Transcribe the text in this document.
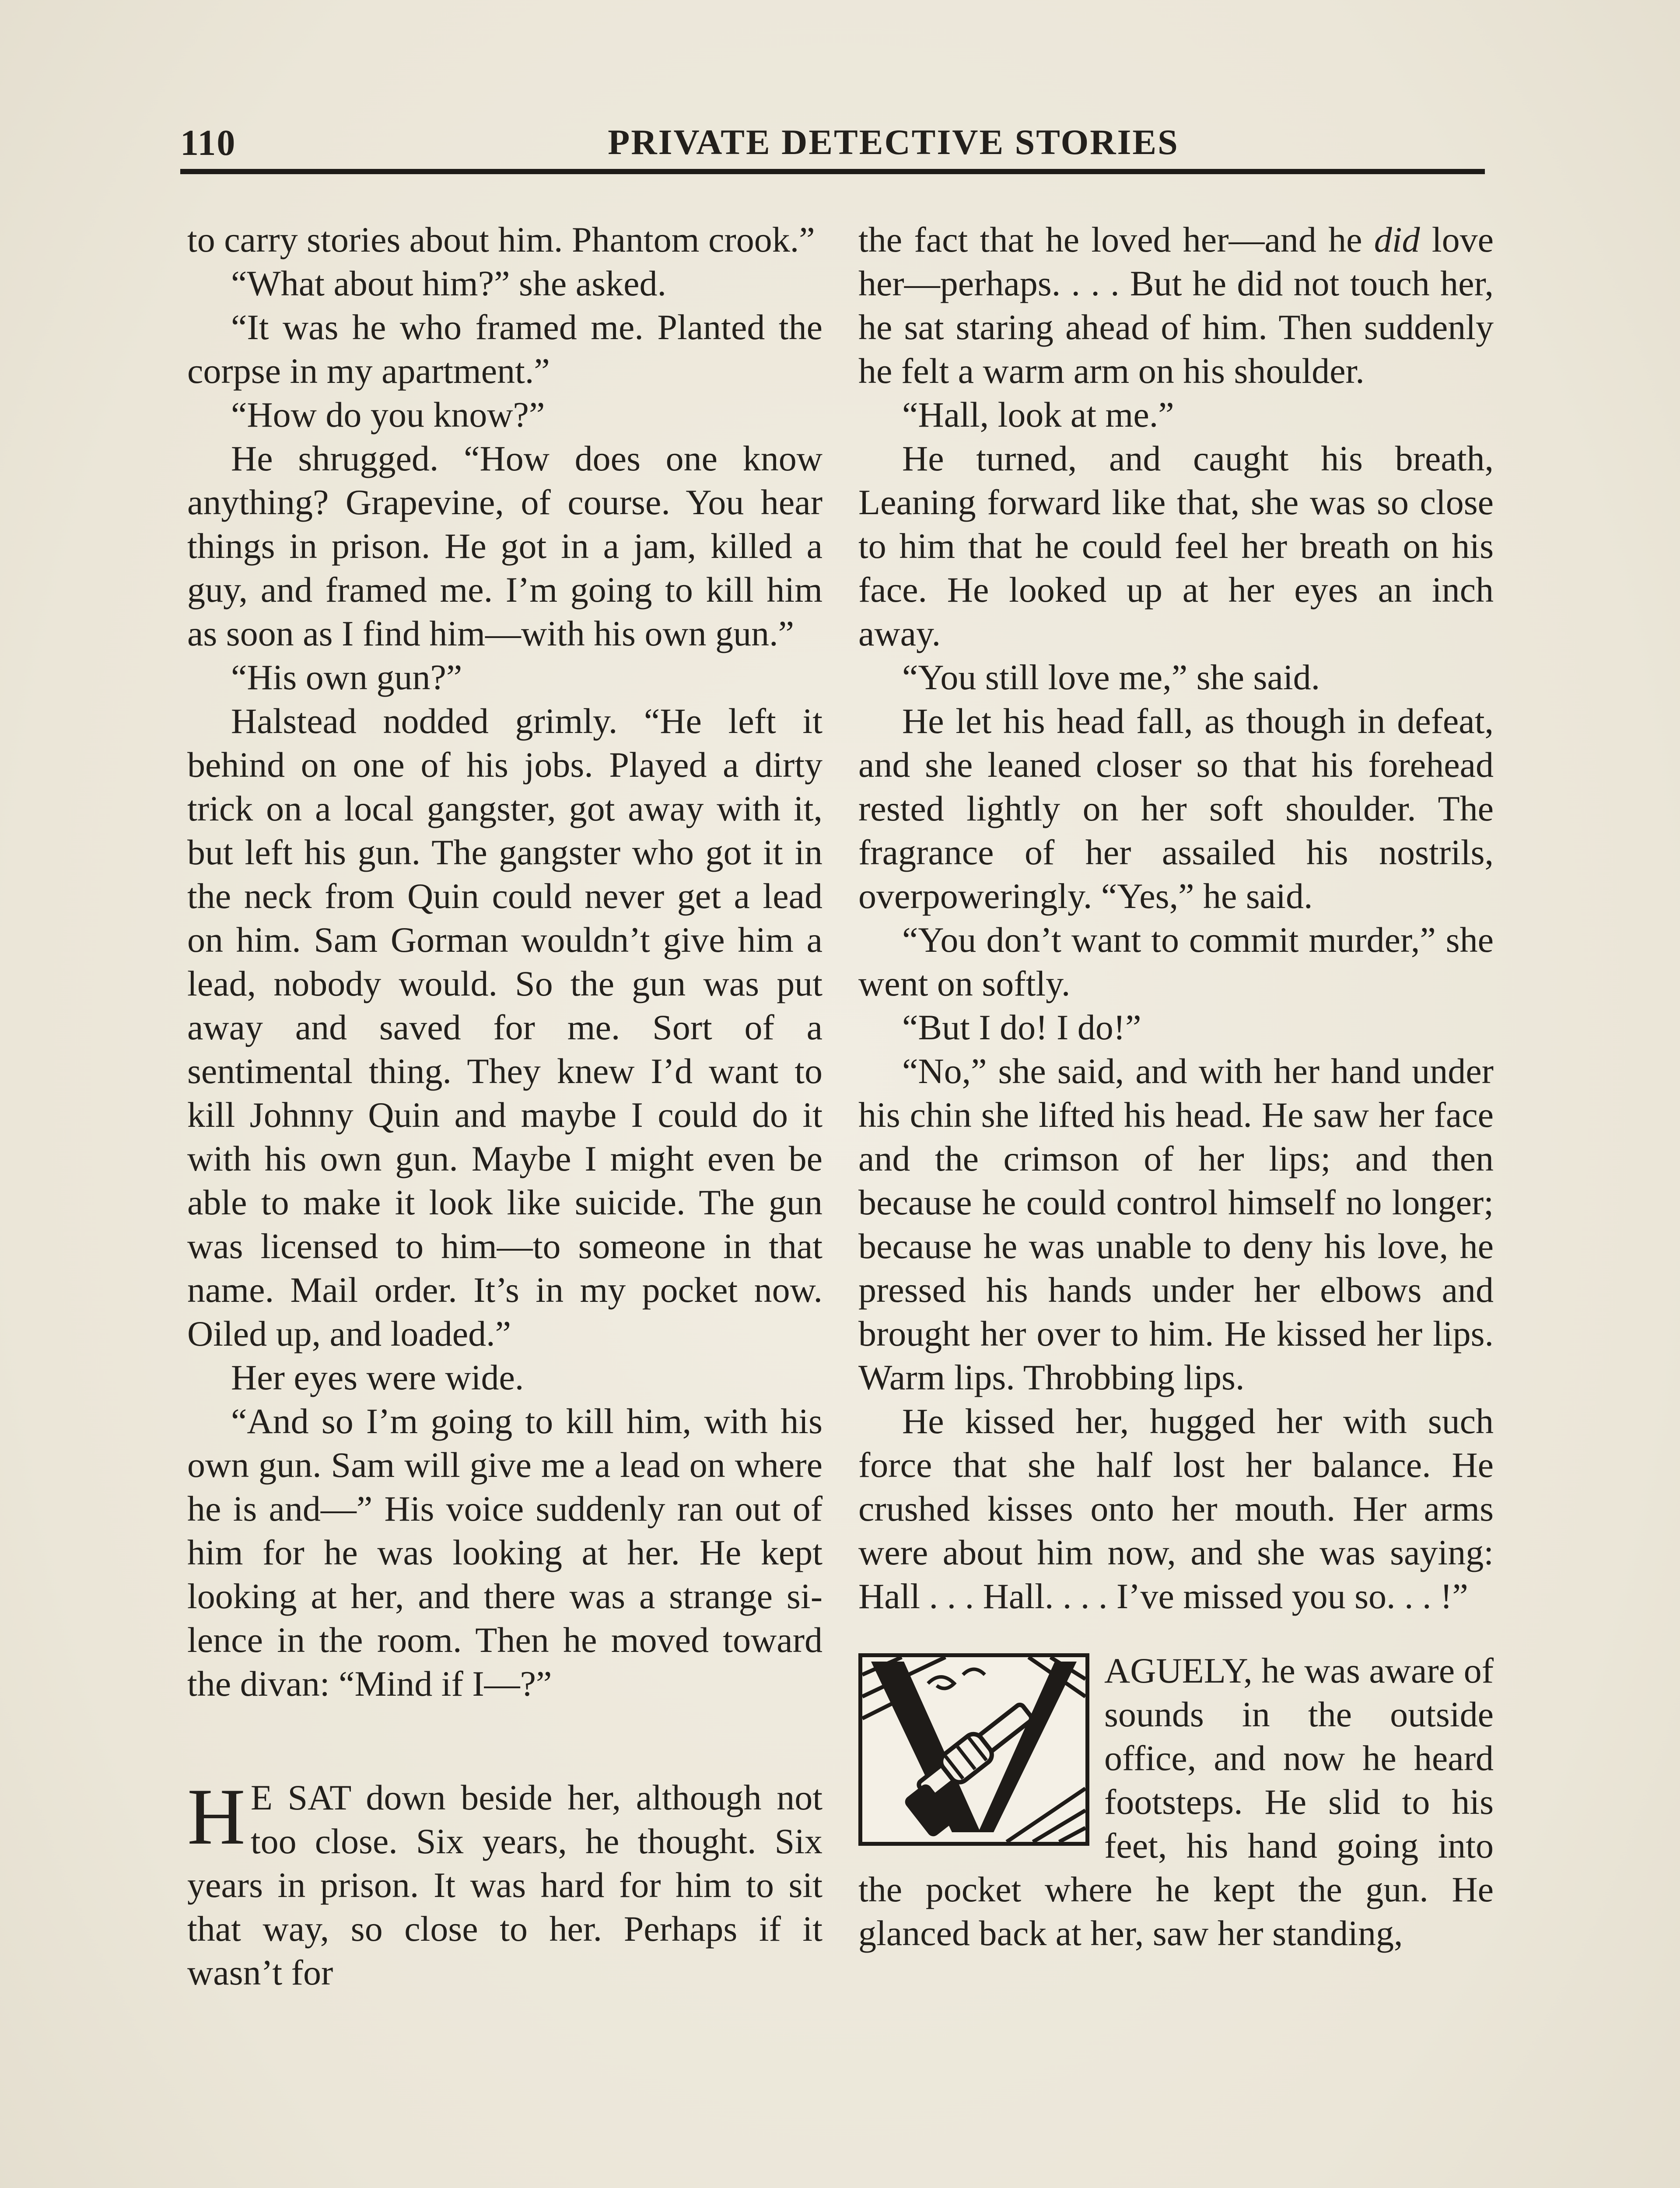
110	PRIVATE DETECTIVE STORIES

to carry stories about him. Phantom crook.”

“What about him?” she asked.

“It was he who framed me. Planted the corpse in my apartment.”

“How do you know?”

He shrugged. “How does one know anything? Grapevine, of course. You hear things in prison. He got in a jam, killed a guy, and framed me. I’m going to kill him as soon as I find him—with his own gun.”

“His own gun?”

Halstead nodded grimly. “He left it behind on one of his jobs. Played a dirty trick on a local gangster, got away with it, but left his gun. The gangster who got it in the neck from Quin could never get a lead on him. Sam Gorman wouldn’t give him a lead, nobody would. So the gun was put away and saved for me. Sort of a sentimental thing. They knew I’d want to kill Johnny Quin and maybe I could do it with his own gun. Maybe I might even be able to make it look like suicide. The gun was licensed to him—to someone in that name. Mail order. It’s in my pocket now. Oiled up, and loaded.”

Her eyes were wide.

“And so I’m going to kill him, with his own gun. Sam will give me a lead on where he is and—” His voice suddenly ran out of him for he was looking at her. He kept looking at her, and there was a strange silence in the room. Then he moved toward the divan: “Mind if I—?”

H E SAT down beside her, although not too close. Six years, he thought. Six years in prison. It was hard for him to sit that way, so close to her. Perhaps if it wasn’t for

the fact that he loved her—and he did love her—perhaps. . . . But he did not touch her, he sat staring ahead of him. Then suddenly he felt a warm arm on his shoulder.

“Hall, look at me.”

He turned, and caught his breath, Leaning forward like that, she was so close to him that he could feel her breath on his face. He looked up at her eyes an inch away.

“You still love me,” she said.

He let his head fall, as though in defeat, and she leaned closer so that his forehead rested lightly on her soft shoulder. The fragrance of her assailed his nostrils, overpoweringly. “Yes,” he said.

“You don’t want to commit murder,” she went on softly.

“But I do! I do!”

“No,” she said, and with her hand under his chin she lifted his head. He saw her face and the crimson of her lips; and then because he could control himself no longer; because he was unable to deny his love, he pressed his hands under her elbows and brought her over to him. He kissed her lips. Warm lips. Throbbing lips.

He kissed her, hugged her with such force that she half lost her balance. He crushed kisses onto her mouth. Her arms were about him now, and she was saying: Hall . . . Hall. . . . I’ve missed you so. . . !”

AGUELY, he was aware of sounds in the outside office, and now he heard footsteps. He slid to his feet, his hand going into the pocket where he kept the gun. He glanced back at her, saw her standing,
